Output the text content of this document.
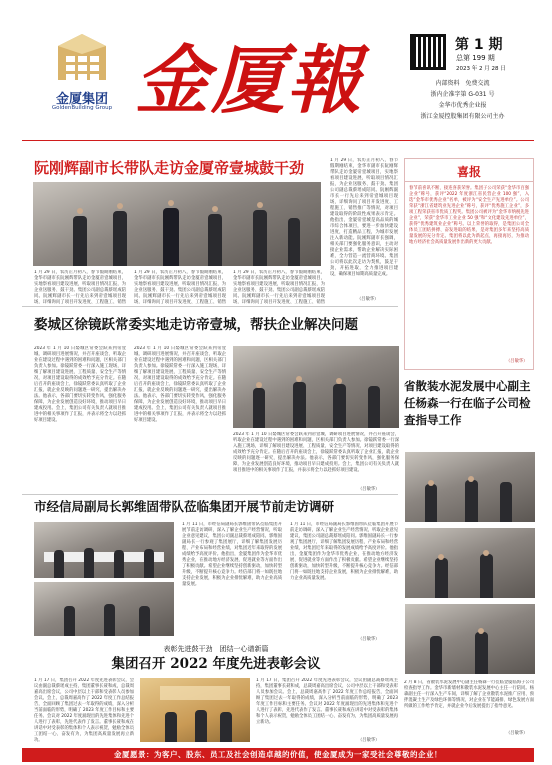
金厦集团
GoldenBuilding Group 金厦報	第 1 期
总第 199 期
2023 年 2 月 28 日
内部资料　免费交流
浙内企准字第 G-031 号
金华市优秀企业报
浙江金厦控股集团有限公司主办
阮刚辉副市长带队走访金厦帝壹城鼓干劲
1 月 29 日，农历正月初八，春节假期刚结束，金华市副市长阮刚辉带队走访金厦帝壹城项目，实地察看项目建设进展，听取项目情况汇报，为企业送服务、鼓干劲。集团公司副总裁蔡瑶成陪同。阮刚辉副市长一行先后来到帝壹城项目现场，详细询问了项目开发进度、工程施工、销售
1 月 29 日，农历正月初八，春节假期刚结束，金华市副市长阮刚辉带队走访金厦帝壹城项目，实地察看项目建设进展，听取项目情况汇报，为企业送服务、鼓干劲。集团公司副总裁蔡瑶成陪同。阮刚辉副市长一行先后来到帝壹城项目现场，详细询问了项目开发进度、工程施工、销售
1 月 29 日，农历正月初八，春节假期刚结束，金华市副市长阮刚辉带队走访金厦帝壹城项目，实地察看项目建设进展，听取项目情况汇报，为企业送服务、鼓干劲。集团公司副总裁蔡瑶成陪同。阮刚辉副市长一行先后来到帝壹城项目现场，详细询问了项目开发进度、工程施工、销售推广等情况，对项目建设取得的阶段性成果表示肯定。他指出，金厦帝壹城是高品质的城市综合体项目，要进一步加快建设进度，打造精品工程，为城市发展注入新动能。阮刚辉副市长强调，相关部门要强化服务意识，主动对接企业需求，帮助企业解决实际困难，全力营造一流营商环境。集团公司将以此次走访为契机，鼓足干劲，开拓进取，全力推进项目建设，确保项目如期高质量完成。
1 月 29 日，农历正月初八，春节假期刚结束，金华市副市长阮刚辉带队走访金厦帝壹城项目，实地察看项目建设进展，听取项目情况汇报，为企业送服务、鼓干劲。集团公司副总裁蔡瑶成陪同。阮刚辉副市长一行先后来到帝壹城项目现场，详细询问了项目开发进度、工程施工、销售
（吕敏华）
喜报
春节前喜讯不断，接连喜获荣誉。集团子公司荣获“金华市百强企业”称号，获评“2022 年度浙江省民营企业 100 强”，入选“金华市优秀企业”名单，被评为“安全生产先进单位”。公司荣获“浙江省建筑业先进企业”称号，获评“优秀施工企业”，多项工程荣获省市优质工程奖。集团公司被评为“金华市纳税先进企业”，荣获“金华市工业企业 50 强”和“文化建设先进单位”，获得“优秀建筑业企业”称号。以上荣誉的取得，是集团公司全体员工团结拼搏、奋发进取的结果，是对集团多年来坚持高质量发展的充分肯定。集团将以此为新起点，再接再厉，为推动地方经济社会高质量发展作出新的更大贡献。
（吕敏华）
婺城区徐镜跃常委实地走访帝壹城，帮扶企业解决问题
2023 年 1 月 10 日婺城区常委会跃来到帝壹城，调研项目进展情况，并召开座谈会，听取企业在建设过程中遇到的困难和问题，区相关部门负责人参加。徐镜跃常委一行深入施工现场，详细了解项目建设进展、工程质量、安全生产等情况，对项目建设取得的成效给予充分肯定。在随后召开的座谈会上，徐镜跃常委认真听取了企业汇报，就企业反映的问题逐一研究，提出解决办法。他表示，各部门要切实转变作风，强化服务保障，为企业发展创造良好环境，推动项目早日建成投用。会上，集团公司有关负责人就项目推进中的相关事项作了汇报，并表示将全力以赴抓好项目建设。
2023 年 1 月 10 日婺城区常委会跃来到帝壹城，调研项目进展情况，并召开座谈会，听取企业在建设过程中遇到的困难和问题，区相关部门负责人参加。徐镜跃常委一行深入施工现场，详细了解项目建设进展、工程质量、安全生产等情况，对项目建设取得的成效给予充分肯定。在随后召开的座谈会上，徐镜跃常委认真听取了企业汇报，就企业反映的问题逐一研究，提出解决办法。他表示，各部门要切实转变作风，强化服务保障，为企业发展创造良好环境，推动项目早日建成投用。会上，集团公司有关负责人就项目推进中的相关事项作了汇报，并表示将全力以赴抓好项目建设。
2023 年 1 月 10 日婺城区常委会跃来到帝壹城，调研项目进展情况，并召开座谈会，听取企业在建设过程中遇到的困难和问题，区相关部门负责人参加。徐镜跃常委一行深入施工现场，详细了解项目建设进展、工程质量、安全生产等情况，对项目建设取得的成效给予充分肯定。在随后召开的座谈会上，徐镜跃常委认真听取了企业汇报，就企业反映的问题逐一研究，提出解决办法。他表示，各部门要切实转变作风，强化服务保障，为企业发展创造良好环境，推动项目早日建成投用。会上，集团公司有关负责人就项目推进中的相关事项作了汇报，并表示将全力以赴抓好项目建设。
（吕敏华）
省散装水泥发展中心副主任杨森一行在临子公司检查指导工作
2 月 8 日，省散装水泥发展中心副主任杨森一行莅临金厦临海子公司检查指导工作。金华市新墙材和散装水泥发展中心主任一行陪同。杨森副主任一行深入生产车间，详细了解了企业散装水泥推广应用、预拌混凝土生产及绿色环保等情况，对企业在节能减排、绿色发展方面所做的工作给予肯定，并就企业今后发展提出了指导意见。
（吕敏华）
市经信局副局长郭维固带队莅临集团开展节前走访调研
1 月 11 日，市经信局副局长郭维固带队莅临集团开展节前走访调研，深入了解企业生产经营情况，听取企业意见建议，集团公司副总裁蔡瑶成陪同。郭维固副局长一行参观了集团展厅，详细了解集团发展历程、产业布局和经营业绩，对集团近年来取得的发展成绩给予高度评价。他指出，金厦集团作为金华市优秀企业，在推动地方经济发展、促进就业等方面作出了积极贡献。希望企业继续坚持创新驱动，加快转型升级，不断提升核心竞争力。经信部门将一如既往地支持企业发展，积极为企业排忧解难，助力企业高质量发展。
1 月 11 日，市经信局副局长郭维固带队莅临集团开展节前走访调研，深入了解企业生产经营情况，听取企业意见建议，集团公司副总裁蔡瑶成陪同。郭维固副局长一行参观了集团展厅，详细了解集团发展历程、产业布局和经营业绩，对集团近年来取得的发展成绩给予高度评价。他指出，金厦集团作为金华市优秀企业，在推动地方经济发展、促进就业等方面作出了积极贡献。希望企业继续坚持创新驱动，加快转型升级，不断提升核心竞争力。经信部门将一如既往地支持企业发展，积极为企业排忧解难，助力企业高质量发展。
（吕敏华）
表彰先进鼓干劲　团结一心谱新篇
集团召开 2022 年度先进表彰会议
1 月 17 日，集团召开 2022 年度先进表彰会议，会议由副总裁蔡瑶成主持，集团董事长聂和成，总裁周嘉高出席会议，公司中层以上干部和受表彰人员参加会议。会上，总裁周嘉高作了 2022 年度工作总结报告，全面回顾了集团过去一年取得的成绩，深入分析当前面临的形势，明确了 2023 年度工作目标和主要任务。会议对 2022 年度涌现出的先进集体和先进个人进行了表彰，先进代表作了发言。董事长聂和成在讲话中对受表彰的集体和个人表示祝贺，勉励全体员工团结一心、奋发有为，为集团高质量发展再立新功。
1 月 17 日，集团召开 2022 年度先进表彰会议，会议由副总裁蔡瑶成主持，集团董事长聂和成，总裁周嘉高出席会议，公司中层以上干部和受表彰人员参加会议。会上，总裁周嘉高作了 2022 年度工作总结报告，全面回顾了集团过去一年取得的成绩，深入分析当前面临的形势，明确了 2023 年度工作目标和主要任务。会议对 2022 年度涌现出的先进集体和先进个人进行了表彰，先进代表作了发言。董事长聂和成在讲话中对受表彰的集体和个人表示祝贺，勉励全体员工团结一心、奋发有为，为集团高质量发展再立新功。
（吕敏华）
金厦愿景：为客户、股东、员工及社会创造卓越的价值，使金厦成为一家受社会尊敬的企业！
